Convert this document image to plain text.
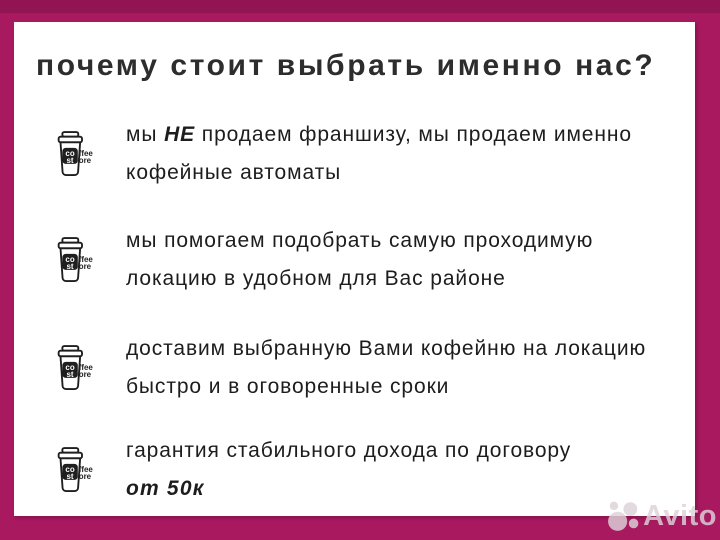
почему стоит выбрать именно нас?
co
st
ffee
ore
мы НЕ продаем франшизу, мы продаем именно
кофейные автоматы
co
st
ffee
ore
мы помогаем подобрать самую проходимую
локацию в удобном для Вас районе
co
st
ffee
ore
доставим выбранную Вами кофейню на локацию
быстро и в оговоренные сроки
co
st
ffee
ore
гарантия стабильного дохода по договору
от 50к
Avito
